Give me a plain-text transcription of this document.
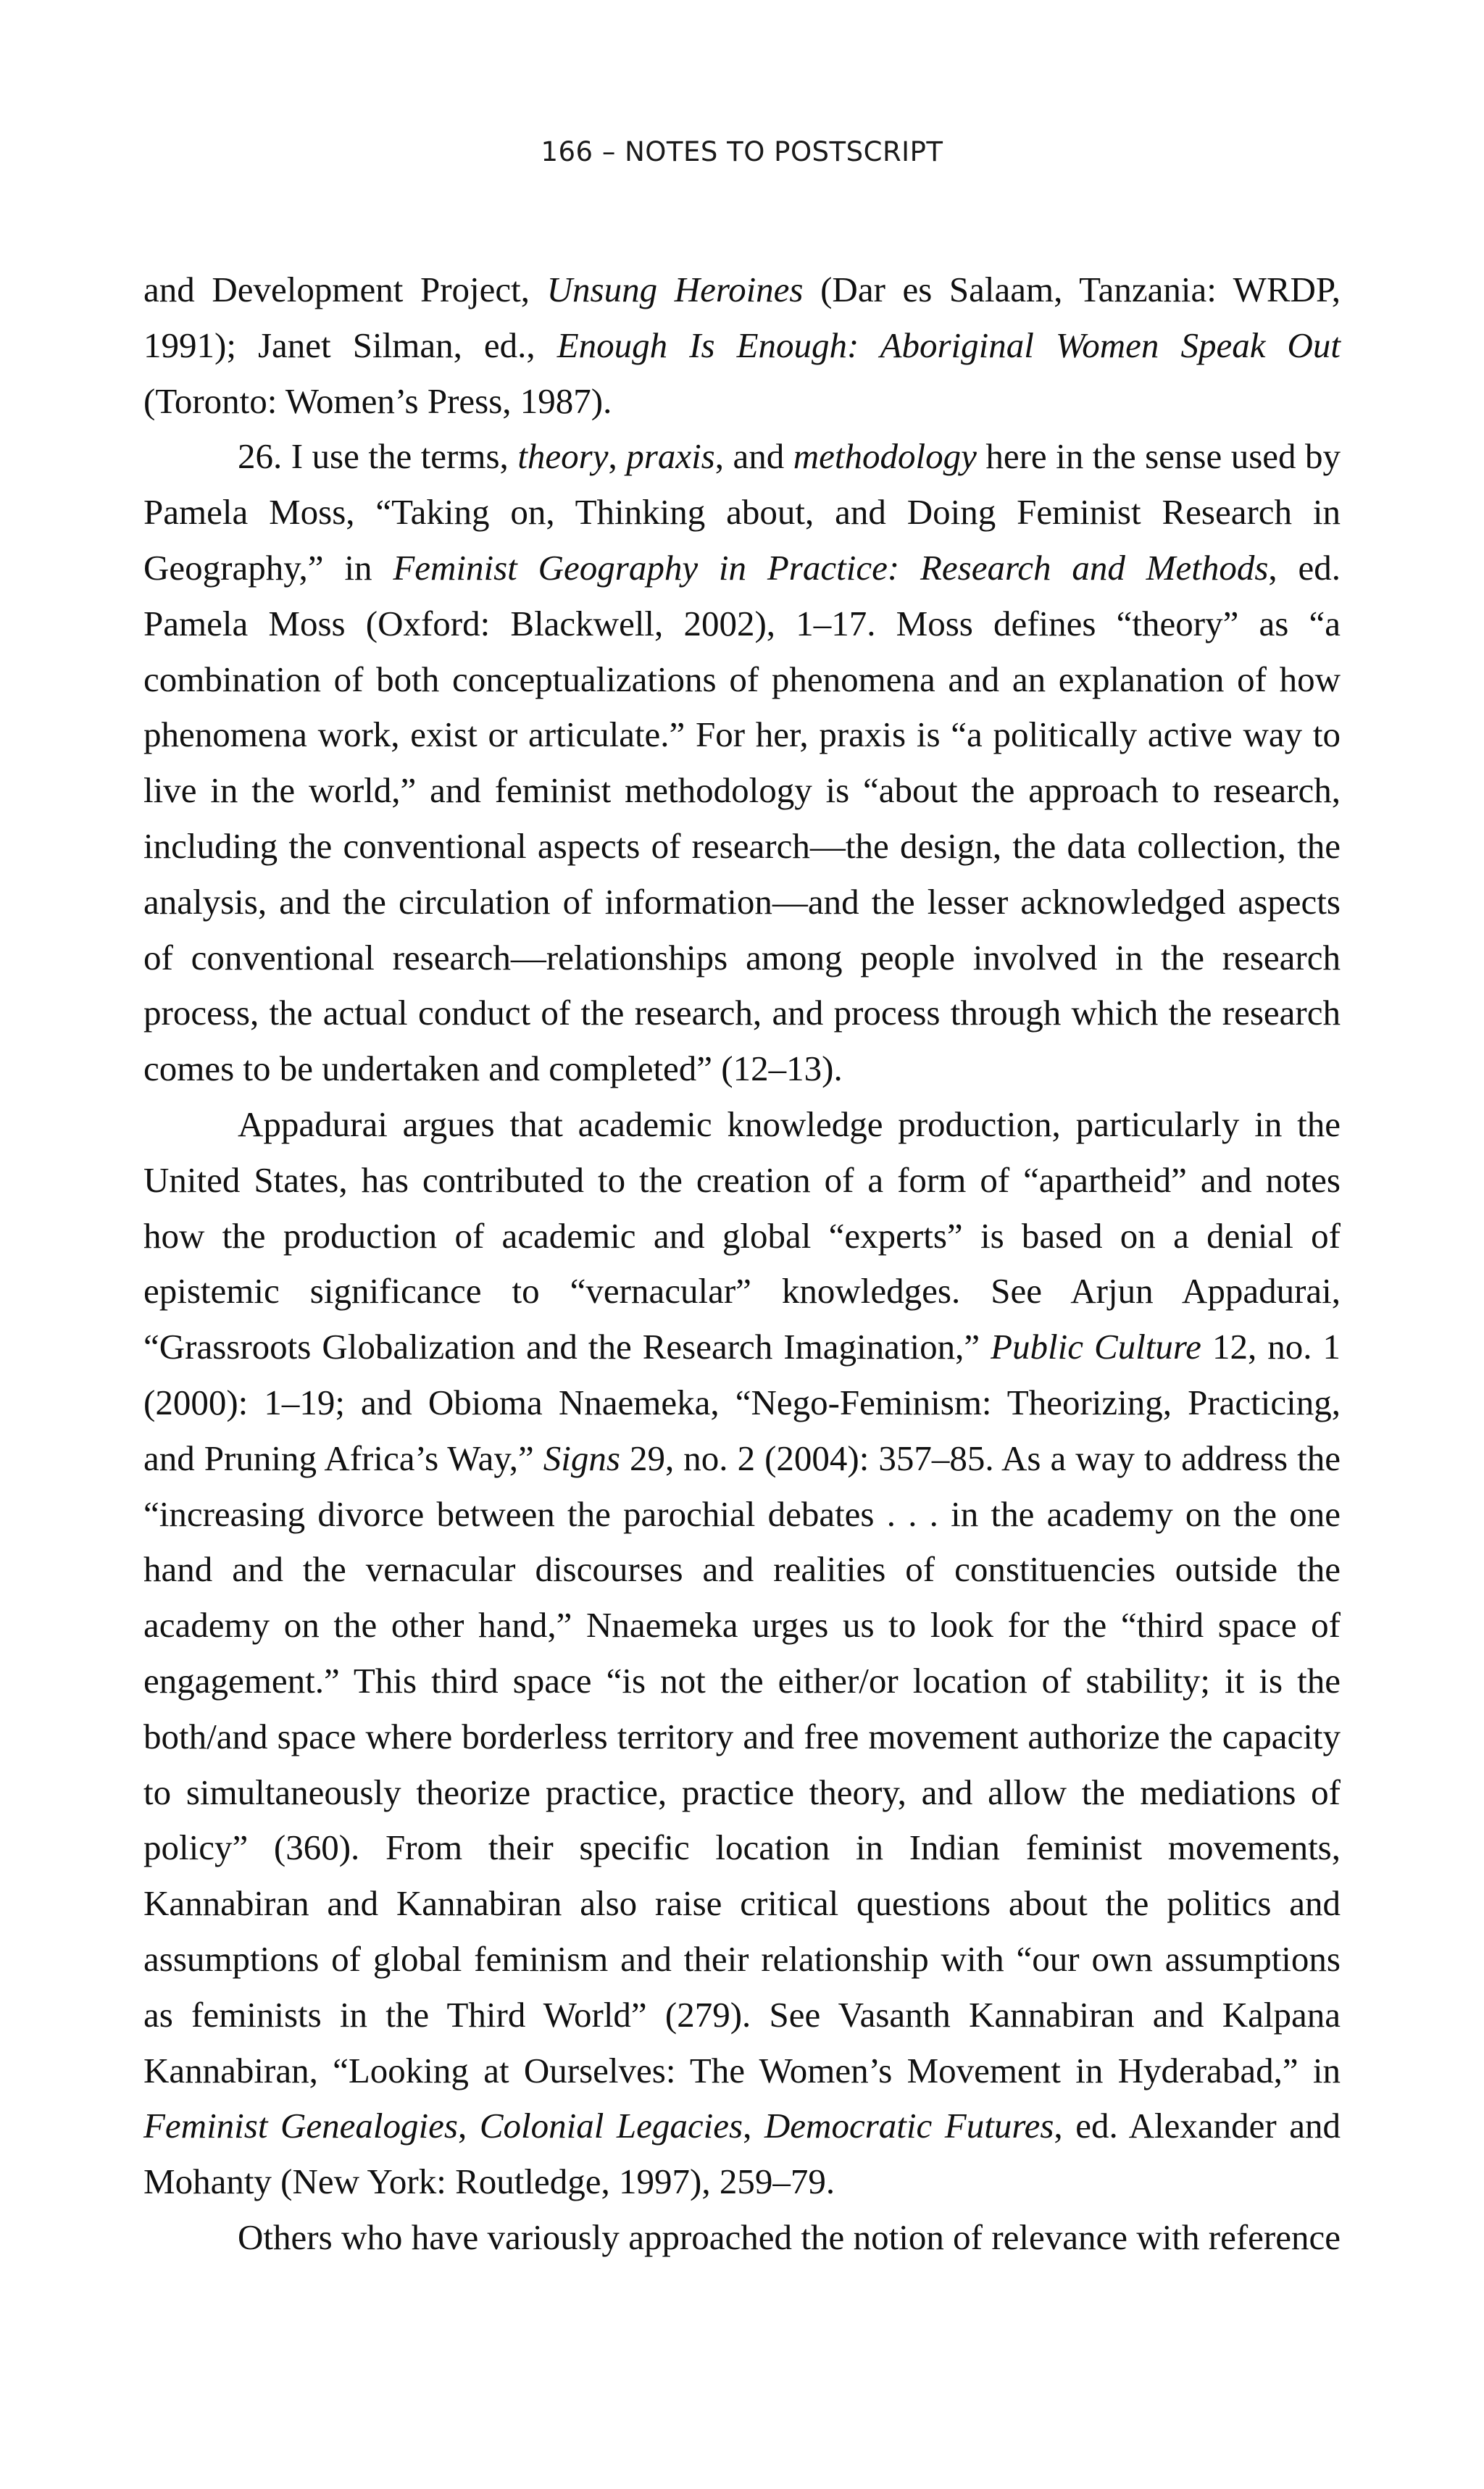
166 – NOTES TO POSTSCRIPT

and Development Project, Unsung Heroines (Dar es Salaam, Tanzania: WRDP, 1991); Janet Silman, ed., Enough Is Enough: Aboriginal Women Speak Out (Toronto: Women’s Press, 1987).

26. I use the terms, theory, praxis, and methodology here in the sense used by Pamela Moss, “Taking on, Thinking about, and Doing Feminist Research in Geography,” in Feminist Geography in Practice: Research and Methods, ed. Pamela Moss (Oxford: Blackwell, 2002), 1–17. Moss defines “theory” as “a combination of both conceptualizations of phenomena and an explanation of how phenomena work, exist or articulate.” For her, praxis is “a politically active way to live in the world,” and feminist methodology is “about the approach to research, including the conventional aspects of research—the design, the data collection, the analysis, and the circulation of information—and the lesser acknowledged aspects of conventional research—relationships among people involved in the research process, the actual conduct of the research, and process through which the research comes to be undertaken and completed” (12–13).

Appadurai argues that academic knowledge production, particularly in the United States, has contributed to the creation of a form of “apartheid” and notes how the production of academic and global “experts” is based on a denial of epistemic significance to “vernacular” knowledges. See Arjun Appadurai, “Grassroots Globalization and the Research Imagination,” Public Culture 12, no. 1 (2000): 1–19; and Obioma Nnaemeka, “Nego-Feminism: Theorizing, Practicing, and Pruning Africa’s Way,” Signs 29, no. 2 (2004): 357–85. As a way to address the “increasing divorce between the parochial debates . . . in the academy on the one hand and the vernacular discourses and realities of constituencies outside the academy on the other hand,” Nnaemeka urges us to look for the “third space of engagement.” This third space “is not the either/or location of stability; it is the both/and space where borderless territory and free movement authorize the capacity to simultaneously theorize practice, practice theory, and allow the mediations of policy” (360). From their specific location in Indian feminist movements, Kannabiran and Kannabiran also raise critical questions about the politics and assumptions of global feminism and their relationship with “our own assumptions as feminists in the Third World” (279). See Vasanth Kannabiran and Kalpana Kannabiran, “Looking at Ourselves: The Women’s Movement in Hyderabad,” in Feminist Genealogies, Colonial Legacies, Democratic Futures, ed. Alexander and Mohanty (New York: Routledge, 1997), 259–79.

Others who have variously approached the notion of relevance with reference
